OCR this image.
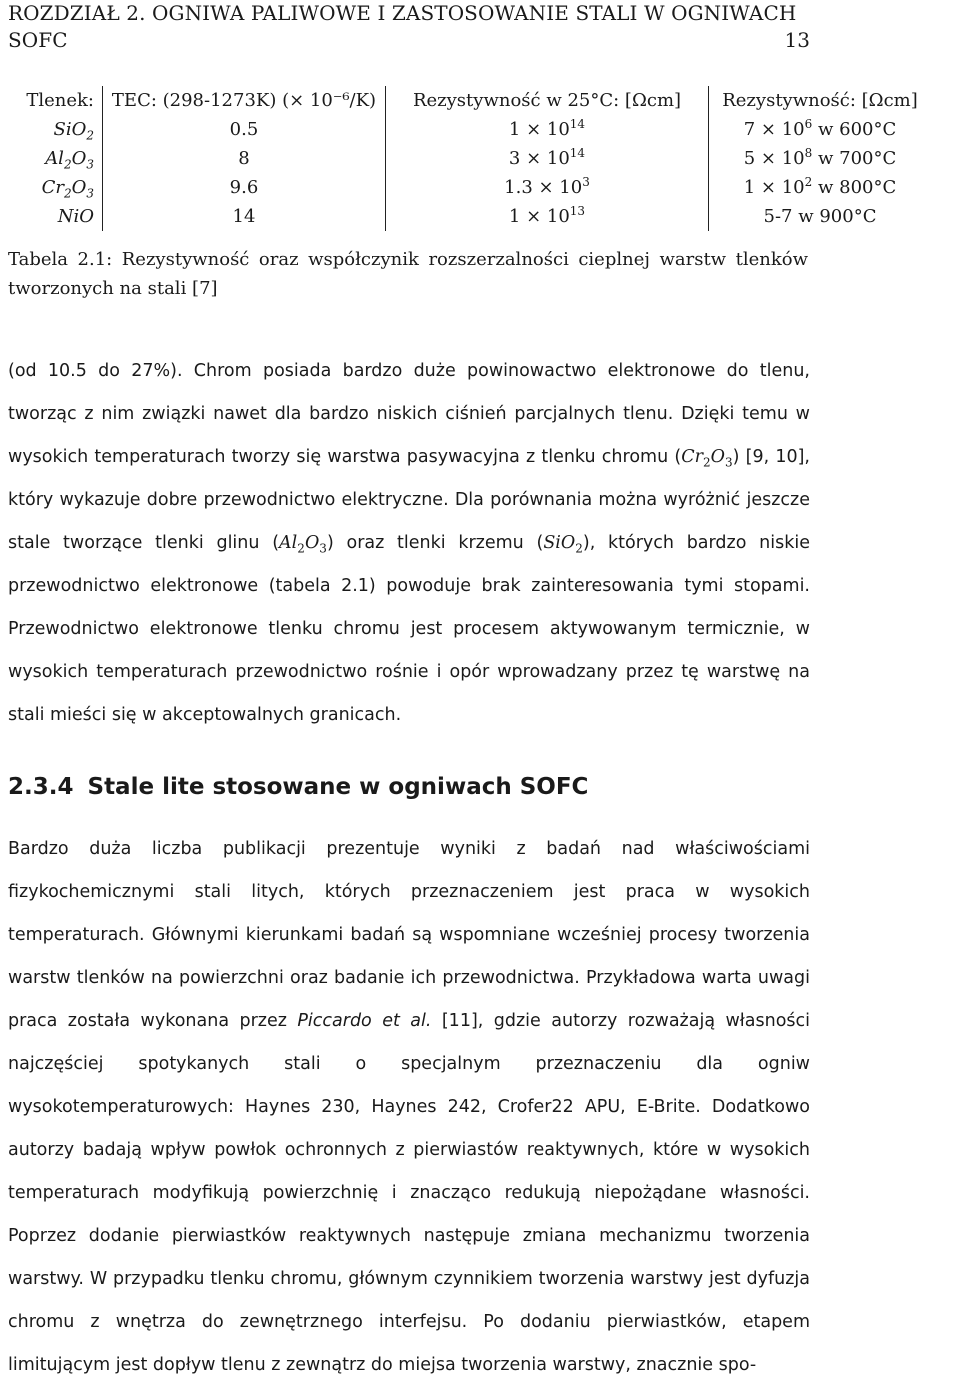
ROZDZIAŁ 2. OGNIWA PALIWOWE I ZASTOSOWANIE STALI W OGNIWACH SOFC	13
Tlenek:	TEC: (298-1273K) (× 10⁻⁶/K)	Rezystywność w 25°C: [Ωcm]	Rezystywność: [Ωcm]
SiO$_2$	0.5	$1 \times 10^{14}$	$7 \times 10^6$ w 600°C
$Al_2O_3$	8	$3 \times 10^{14}$	$5 \times 10^8$ w 700°C
$Cr_2O_3$	9.6	$1.3 \times 10^3$	$1 \times 10^2$ w 800°C
NiO	14	$1 \times 10^{13}$	5-7 w 900°C
Tabela 2.1: Rezystywność oraz współczynik rozszerzalności cieplnej warstw tlenków tworzonych na stali [7]
(od 10.5 do 27%). Chrom posiada bardzo duże powinowactwo elektronowe do tlenu, tworząc z nim związki nawet dla bardzo niskich ciśnień parcjalnych tlenu. Dzięki temu w wysokich temperaturach tworzy się warstwa pasywacyjna z tlenku chromu $(Cr_2O_3)$ [9, 10], który wykazuje dobre przewodnictwo elektryczne. Dla porównania można wyróżnić jeszcze stale tworzące tlenki glinu $(Al_2O_3)$ oraz tlenki krzemu (SiO$_2$), których bardzo niskie przewodnictwo elektronowe (tabela 2.1) powoduje brak zainteresowania tymi stopami. Przewodnictwo elektronowe tlenku chromu jest procesem aktywowanym termicznie, w wysokich temperaturach przewodnictwo rośnie i opór wprowadzany przez tę warstwę na stali mieści się w akceptowalnych granicach.
2.3.4 Stale lite stosowane w ogniwach SOFC
Bardzo duża liczba publikacji prezentuje wyniki z badań nad właściwościami fizykochemicznymi stali litych, których przeznaczeniem jest praca w wysokich temperaturach. Głównymi kierunkami badań są wspomniane wcześniej procesy tworzenia warstw tlenków na powierzchni oraz badanie ich przewodnictwa. Przykładowa warta uwagi praca została wykonana przez Piccardo et al. [11], gdzie autorzy rozważają własności najczęściej spotykanych stali o specjalnym przeznaczeniu dla ogniw wysokotemperaturowych: Haynes 230, Haynes 242, Crofer22 APU, E-Brite. Dodatkowo autorzy badają wpływ powłok ochronnych z pierwiastów reaktywnych, które w wysokich temperaturach modyfikują powierzchnię i znacząco redukują niepożądane własności. Poprzez dodanie pierwiastków reaktywnych następuje zmiana mechanizmu tworzenia warstwy. W przypadku tlenku chromu, głównym czynnikiem tworzenia warstwy jest dyfuzja chromu z wnętrza do zewnętrznego interfejsu. Po dodaniu pierwiastków, etapem limitującym jest dopływ tlenu z zewnątrz do miejsa tworzenia warstwy, znacznie spo-
